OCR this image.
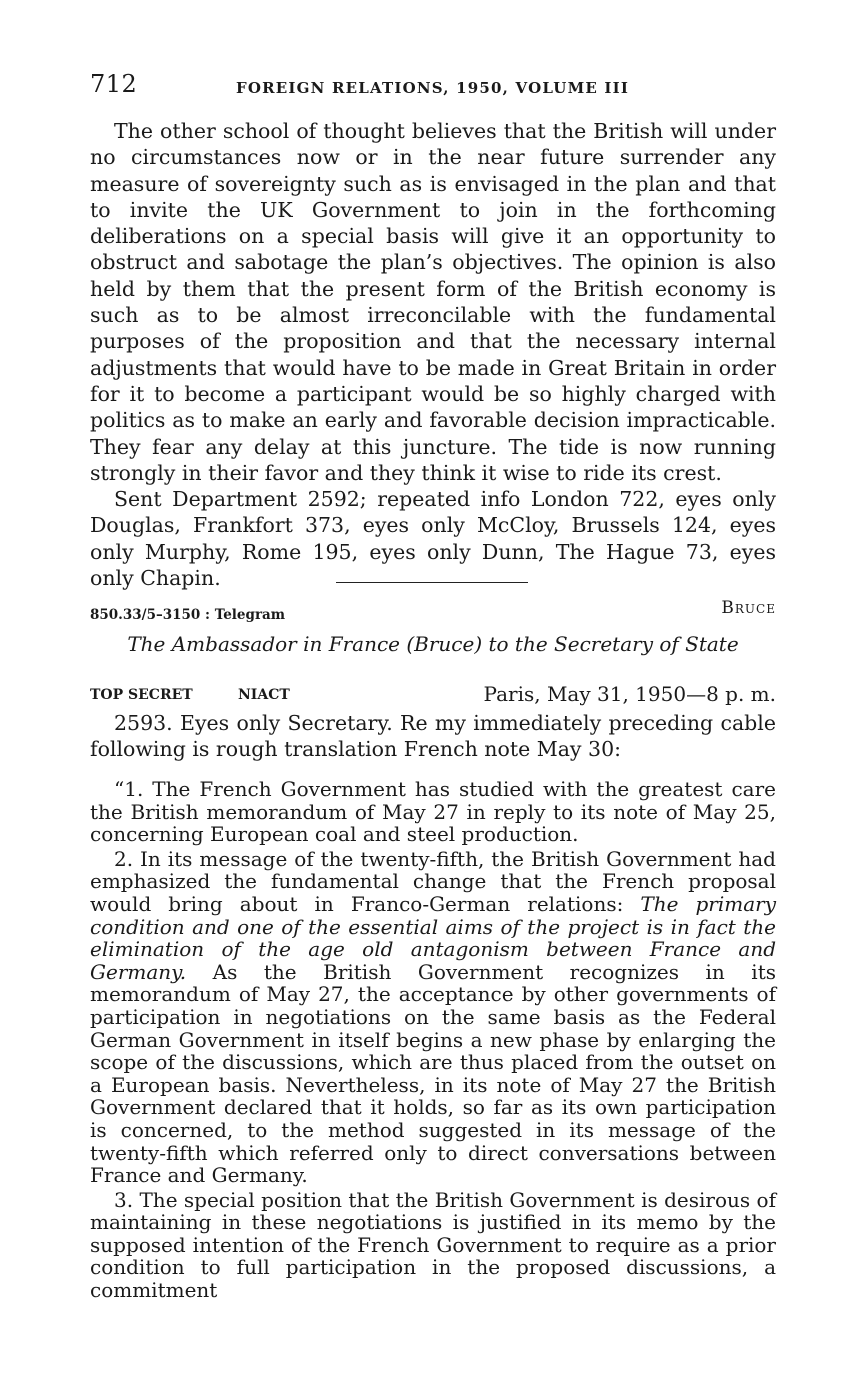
712	FOREIGN RELATIONS, 1950, VOLUME III

The other school of thought believes that the British will under no circumstances now or in the near future surrender any measure of sovereignty such as is envisaged in the plan and that to invite the UK Government to join in the forthcoming deliberations on a special basis will give it an opportunity to obstruct and sabotage the plan’s objectives. The opinion is also held by them that the present form of the British economy is such as to be almost irreconcilable with the fundamental purposes of the proposition and that the necessary internal adjustments that would have to be made in Great Britain in order for it to become a participant would be so highly charged with politics as to make an early and favorable decision impracticable. They fear any delay at this juncture. The tide is now running strongly in their favor and they think it wise to ride its crest.

Sent Department 2592; repeated info London 722, eyes only Douglas, Frankfort 373, eyes only McCloy, Brussels 124, eyes only Murphy, Rome 195, eyes only Dunn, The Hague 73, eyes only Chapin.

Bruce
850.33/5–3150 : Telegram
The Ambassador in France (Bruce) to the Secretary of State
TOP SECRET	NIACT	Paris, May 31, 1950—8 p. m.

2593. Eyes only Secretary. Re my immediately preceding cable following is rough translation French note May 30:

“1. The French Government has studied with the greatest care the British memorandum of May 27 in reply to its note of May 25, concerning European coal and steel production.

2. In its message of the twenty-fifth, the British Government had emphasized the fundamental change that the French proposal would bring about in Franco-German relations: The primary condition and one of the essential aims of the project is in fact the elimination of the age old antagonism between France and Germany. As the British Government recognizes in its memorandum of May 27, the acceptance by other governments of participation in negotiations on the same basis as the Federal German Government in itself begins a new phase by enlarging the scope of the discussions, which are thus placed from the outset on a European basis. Nevertheless, in its note of May 27 the British Government declared that it holds, so far as its own participation is concerned, to the method suggested in its message of the twenty-fifth which referred only to direct conversations between France and Germany.

3. The special position that the British Government is desirous of maintaining in these negotiations is justified in its memo by the supposed intention of the French Government to require as a prior condition to full participation in the proposed discussions, a commitment
